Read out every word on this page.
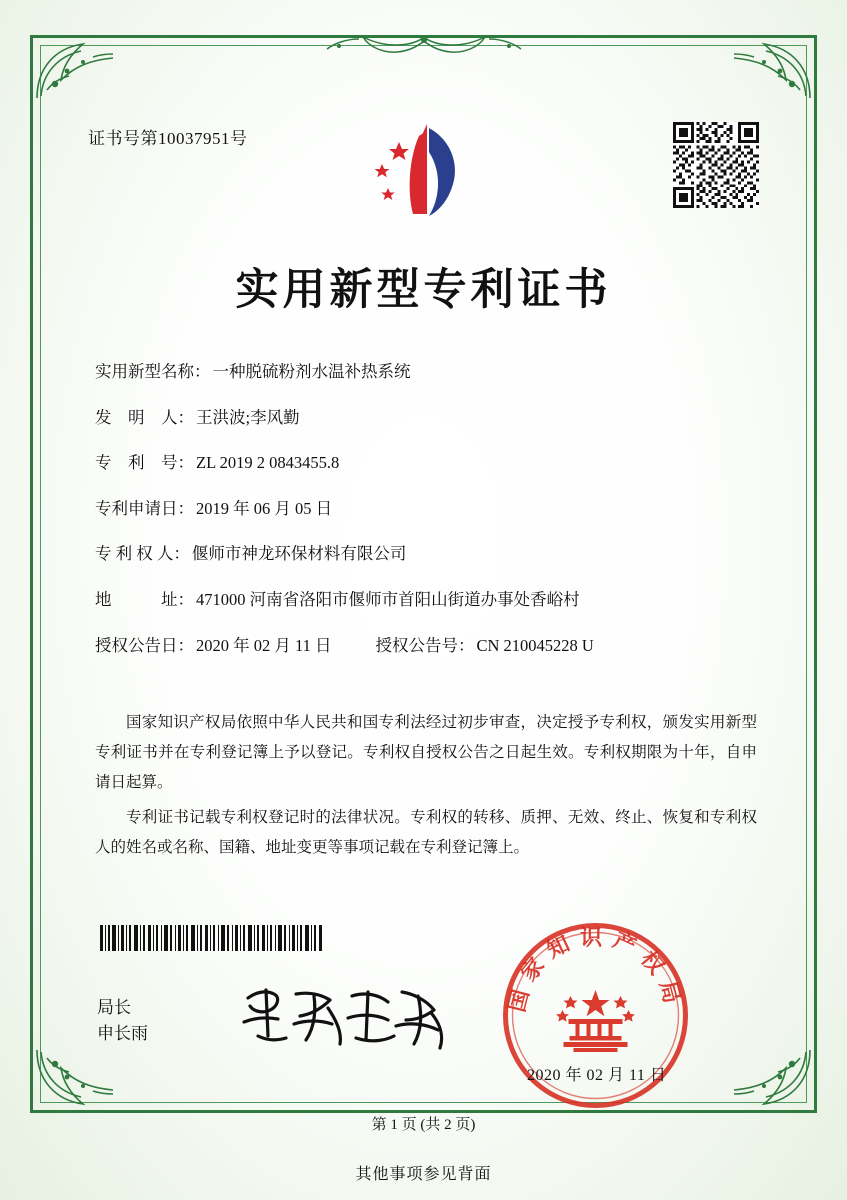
证书号第10037951号
实用新型专利证书
实用新型名称： 一种脱硫粉剂水温补热系统
发　明　人： 王洪波;李风勤
专　利　号： ZL 2019 2 0843455.8
专利申请日： 2019 年 06 月 05 日
专 利 权 人： 偃师市神龙环保材料有限公司
地　　　址： 471000 河南省洛阳市偃师市首阳山街道办事处香峪村
授权公告日： 2020 年 02 月 11 日	授权公告号： CN 210045228 U

国家知识产权局依照中华人民共和国专利法经过初步审查，决定授予专利权，颁发实用新型专利证书并在专利登记簿上予以登记。专利权自授权公告之日起生效。专利权期限为十年，自申请日起算。

专利证书记载专利权登记时的法律状况。专利权的转移、质押、无效、终止、恢复和专利权人的姓名或名称、国籍、地址变更等事项记载在专利登记簿上。

局长
申长雨
国家知识产权局
2020 年 02 月 11 日
第 1 页 (共 2 页)
其他事项参见背面
